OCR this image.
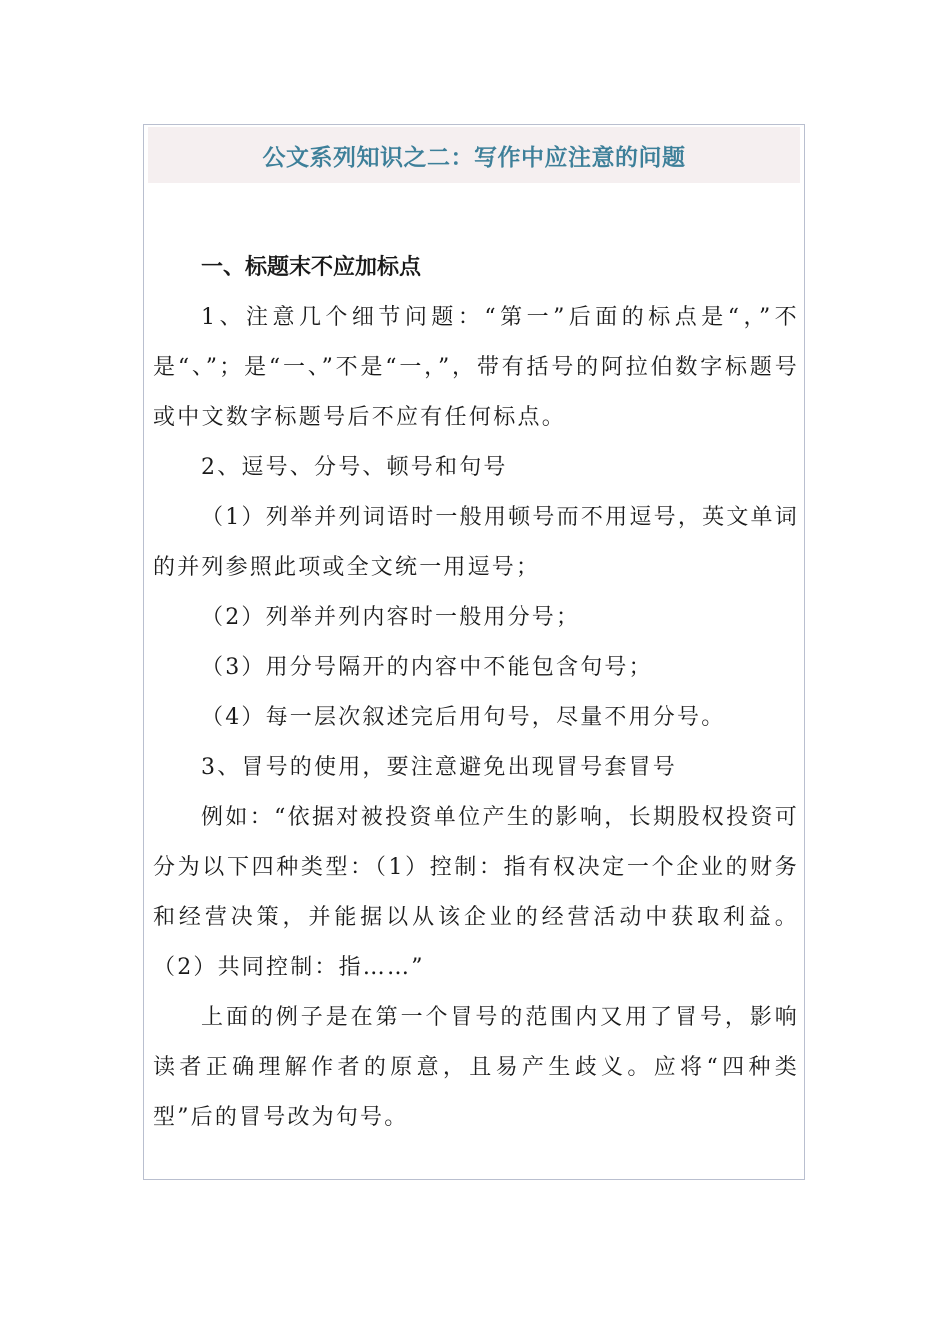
公文系列知识之二：写作中应注意的问题

一、标题末不应加标点

1、注意几个细节问题：“第一”后面的标点是“，”不是“、”；是“一、”不是“一，”，带有括号的阿拉伯数字标题号或中文数字标题号后不应有任何标点。

2、逗号、分号、顿号和句号

（1）列举并列词语时一般用顿号而不用逗号，英文单词的并列参照此项或全文统一用逗号；

（2）列举并列内容时一般用分号；

（3）用分号隔开的内容中不能包含句号；

（4）每一层次叙述完后用句号，尽量不用分号。

3、冒号的使用，要注意避免出现冒号套冒号

例如：“依据对被投资单位产生的影响，长期股权投资可分为以下四种类型：（1）控制：指有权决定一个企业的财务和经营决策，并能据以从该企业的经营活动中获取利益。（2）共同控制：指……”

上面的例子是在第一个冒号的范围内又用了冒号，影响读者正确理解作者的原意，且易产生歧义。应将“四种类型”后的冒号改为句号。
